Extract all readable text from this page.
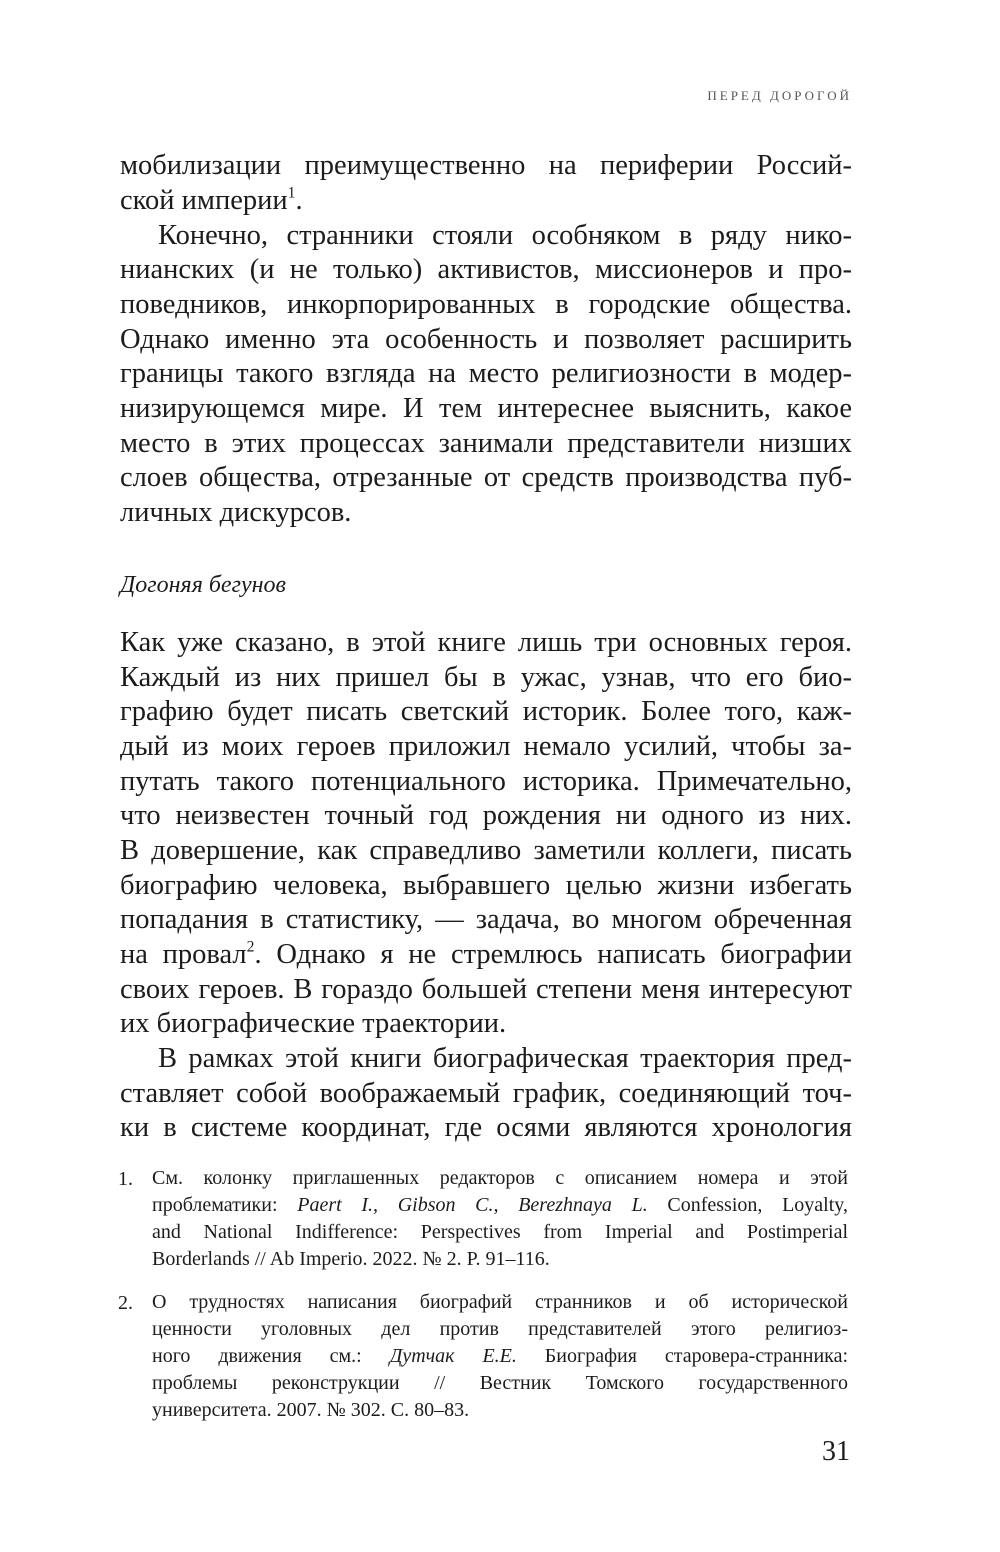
ПЕРЕД ДОРОГОЙ
мобилизации преимущественно на периферии Россий-
ской империи$^1$.
Конечно, странники стояли особняком в ряду нико-
нианских (и не только) активистов, миссионеров и про-
поведников, инкорпорированных в городские общества.
Однако именно эта особенность и позволяет расширить
границы такого взгляда на место религиозности в модер-
низирующемся мире. И тем интереснее выяснить, какое
место в этих процессах занимали представители низших
слоев общества, отрезанные от средств производства пуб-
личных дискурсов.
Догоняя бегунов
Как уже сказано, в этой книге лишь три основных героя.
Каждый из них пришел бы в ужас, узнав, что его био-
графию будет писать светский историк. Более того, каж-
дый из моих героев приложил немало усилий, чтобы за-
путать такого потенциального историка. Примечательно,
что неизвестен точный год рождения ни одного из них.
В довершение, как справедливо заметили коллеги, писать
биографию человека, выбравшего целью жизни избегать
попадания в статистику, — задача, во многом обреченная
на провал$^2$. Однако я не стремлюсь написать биографии
своих героев. В гораздо большей степени меня интересуют
их биографические траектории.
В рамках этой книги биографическая траектория пред-
ставляет собой воображаемый график, соединяющий точ-
ки в системе координат, где осями являются хронология
1. См. колонку приглашенных редакторов с описанием номера и этой
проблематики: Paert I., Gibson C., Berezhnaya L. Confession, Loyalty,
and National Indifference: Perspectives from Imperial and Postimperial
Borderlands // Ab Imperio. 2022. № 2. P. 91–116.
2. О трудностях написания биографий странников и об исторической
ценности уголовных дел против представителей этого религиоз-
ного движения см.: Дутчак Е.Е. Биография староверa-странника:
проблемы реконструкции // Вестник Томского государственного
университета. 2007. № 302. С. 80–83.
31
